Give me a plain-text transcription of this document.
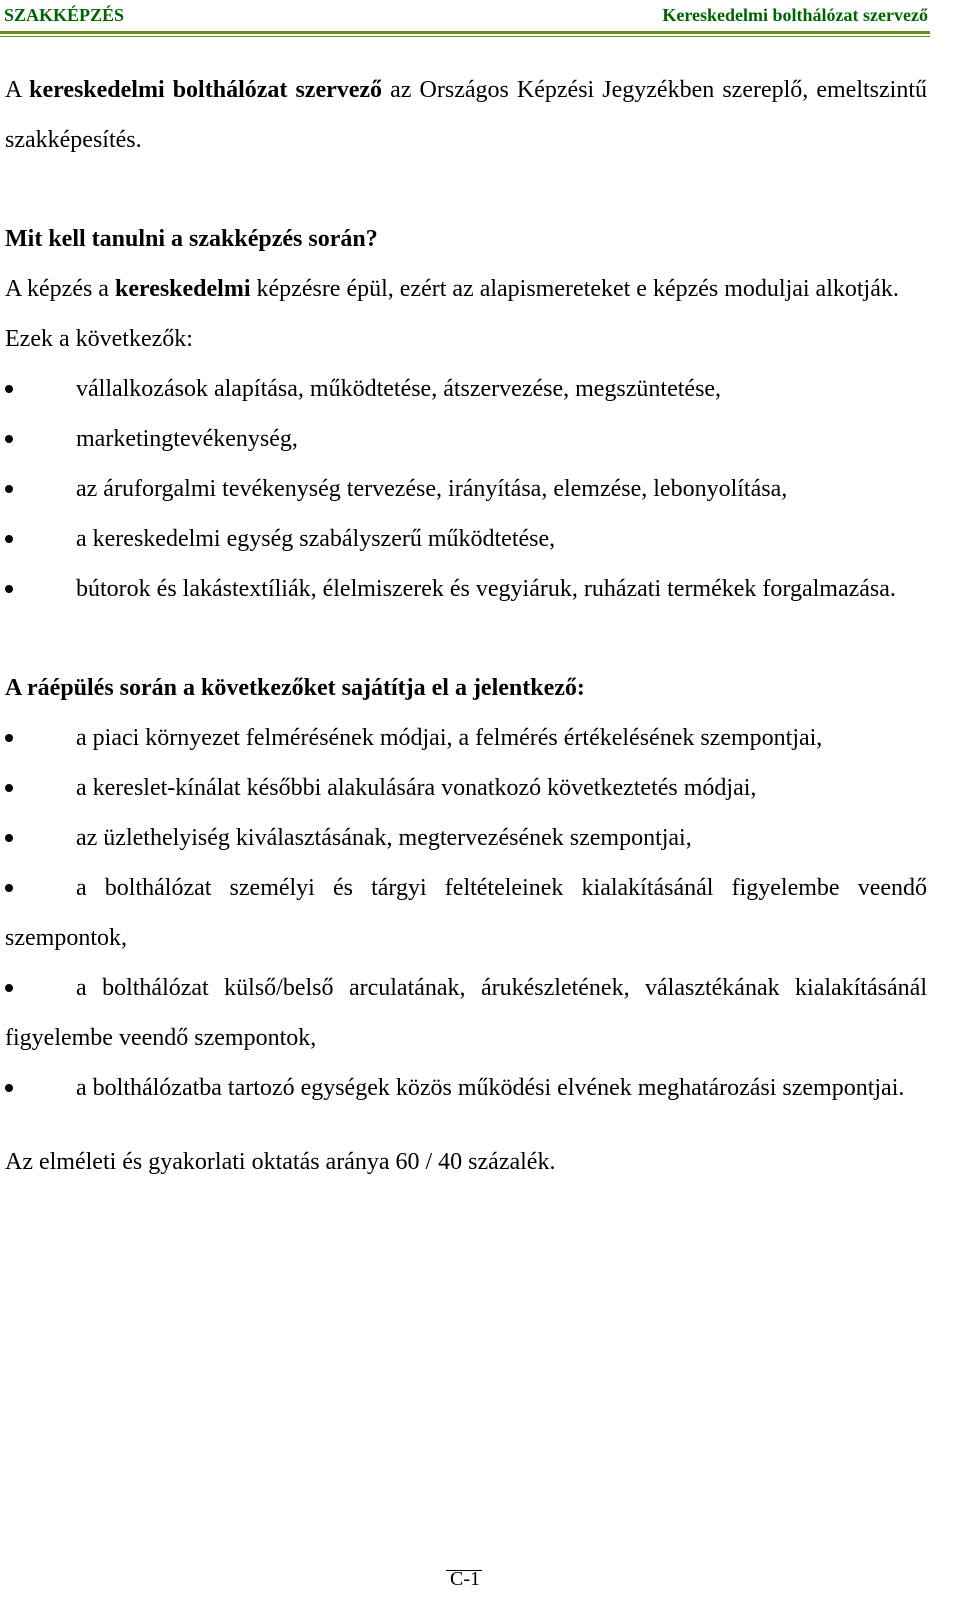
SZAKKÉPZÉS	Kereskedelmi bolthálózat szervező

A kereskedelmi bolthálózat szervező az Országos Képzési Jegyzékben szereplő, emeltszintű szakképesítés.

Mit kell tanulni a szakképzés során?

A képzés a kereskedelmi képzésre épül, ezért az alapismereteket e képzés moduljai alkotják.

Ezek a következők:

vállalkozások alapítása, működtetése, átszervezése, megszüntetése,

marketingtevékenység,

az áruforgalmi tevékenység tervezése, irányítása, elemzése, lebonyolítása,

a kereskedelmi egység szabályszerű működtetése,

bútorok és lakástextíliák, élelmiszerek és vegyiáruk, ruházati termékek forgalmazása.

A ráépülés során a következőket sajátítja el a jelentkező:

a piaci környezet felmérésének módjai, a felmérés értékelésének szempontjai,

a kereslet-kínálat későbbi alakulására vonatkozó következtetés módjai,

az üzlethelyiség kiválasztásának, megtervezésének szempontjai,

a bolthálózat személyi és tárgyi feltételeinek kialakításánál figyelembe veendő szempontok,

a bolthálózat külső/belső arculatának, árukészletének, választékának kialakításánál figyelembe veendő szempontok,

a bolthálózatba tartozó egységek közös működési elvének meghatározási szempontjai.

Az elméleti és gyakorlati oktatás aránya 60 / 40 százalék.

C-1
